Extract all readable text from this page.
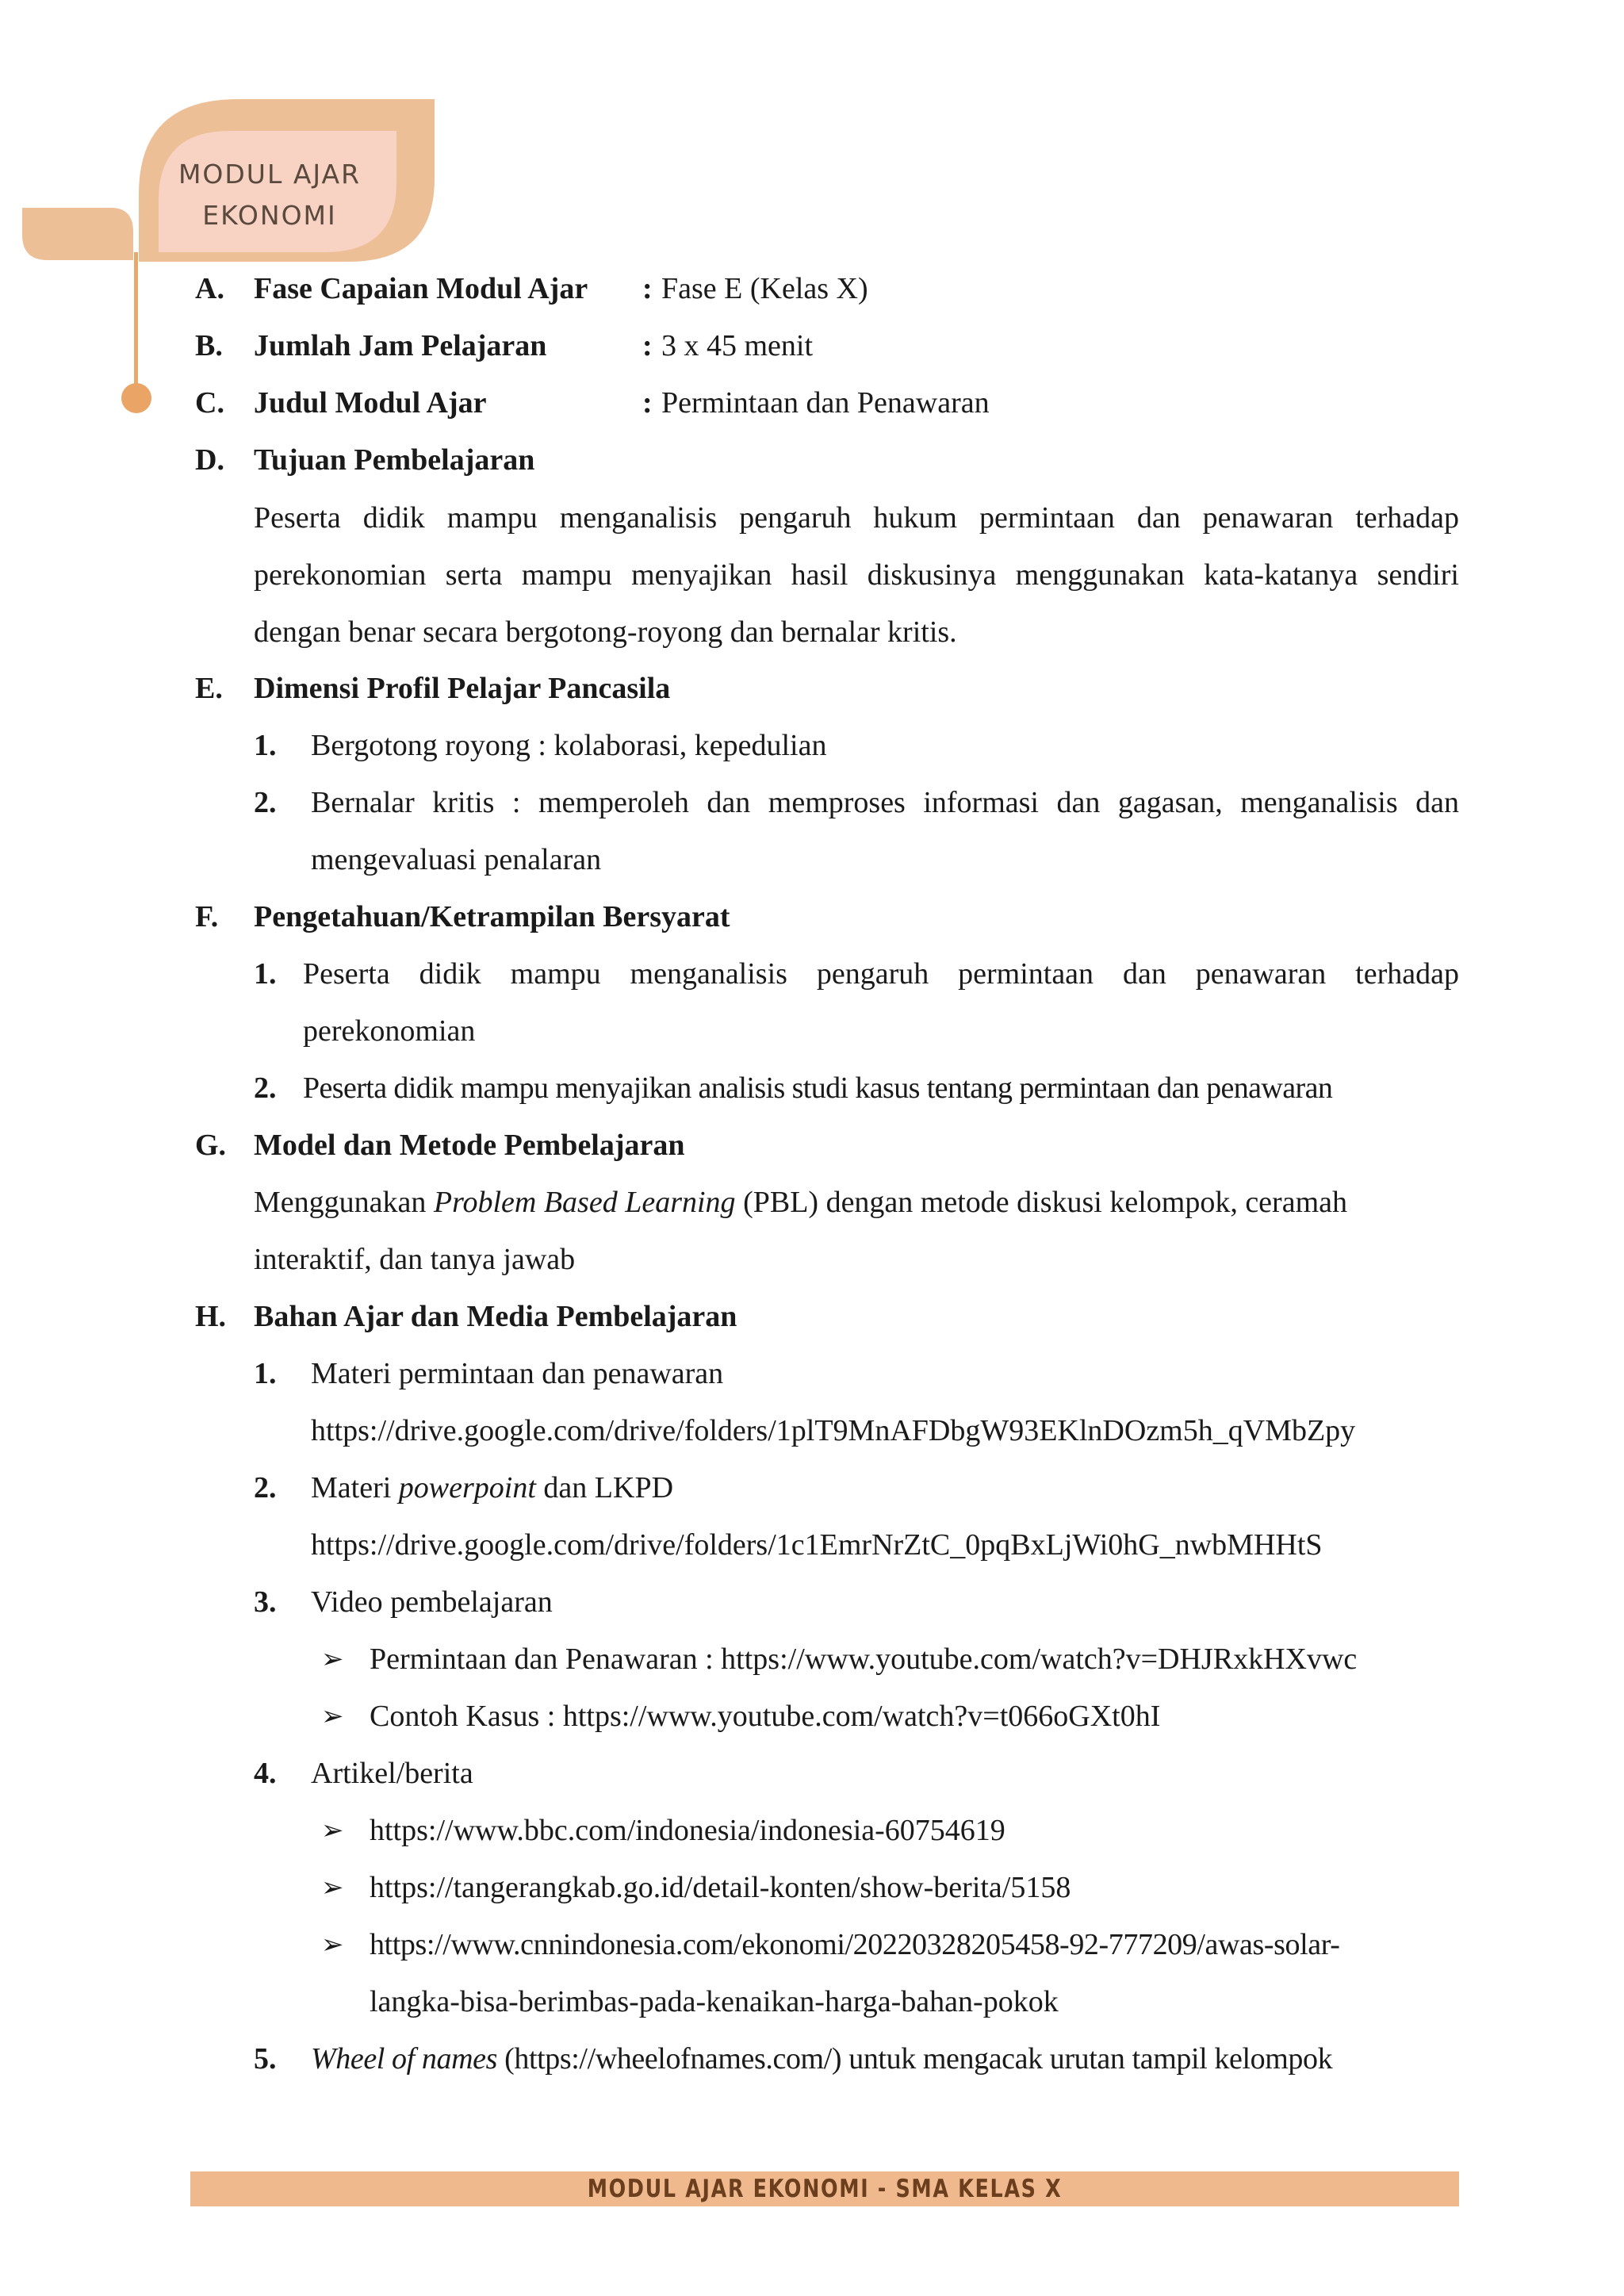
MODUL AJAR
EKONOMI
A. Fase Capaian Modul Ajar : Fase E (Kelas X)
B. Jumlah Jam Pelajaran	: 3 x 45 menit
C. Judul Modul Ajar	: Permintaan dan Penawaran
D. Tujuan Pembelajaran
Peserta didik mampu menganalisis pengaruh hukum permintaan dan penawaran terhadap perekonomian serta mampu menyajikan hasil diskusinya menggunakan kata-katanya sendiri dengan benar secara bergotong-royong dan bernalar kritis.
E. Dimensi Profil Pelajar Pancasila
1. Bergotong royong : kolaborasi, kepedulian
2. Bernalar kritis : memperoleh dan memproses informasi dan gagasan, menganalisis dan
mengevaluasi penalaran
F. Pengetahuan/Ketrampilan Bersyarat
1. Peserta didik mampu menganalisis pengaruh permintaan dan penawaran terhadap
perekonomian
2. Peserta didik mampu menyajikan analisis studi kasus tentang permintaan dan penawaran
G. Model dan Metode Pembelajaran
Menggunakan Problem Based Learning (PBL) dengan metode diskusi kelompok, ceramah
interaktif, dan tanya jawab
H. Bahan Ajar dan Media Pembelajaran
1. Materi permintaan dan penawaran
https://drive.google.com/drive/folders/1plT9MnAFDbgW93EKlnDOzm5h_qVMbZpy
2. Materi powerpoint dan LKPD
https://drive.google.com/drive/folders/1c1EmrNrZtC_0pqBxLjWi0hG_nwbMHHtS
3. Video pembelajaran
➢ Permintaan dan Penawaran : https://www.youtube.com/watch?v=DHJRxkHXvwc
➢ Contoh Kasus : https://www.youtube.com/watch?v=t066oGXt0hI
4. Artikel/berita
➢ https://www.bbc.com/indonesia/indonesia-60754619
➢ https://tangerangkab.go.id/detail-konten/show-berita/5158
➢ https://www.cnnindonesia.com/ekonomi/20220328205458-92-777209/awas-solar-
langka-bisa-berimbas-pada-kenaikan-harga-bahan-pokok
5. Wheel of names (https://wheelofnames.com/) untuk mengacak urutan tampil kelompok
MODUL AJAR EKONOMI - SMA KELAS X
